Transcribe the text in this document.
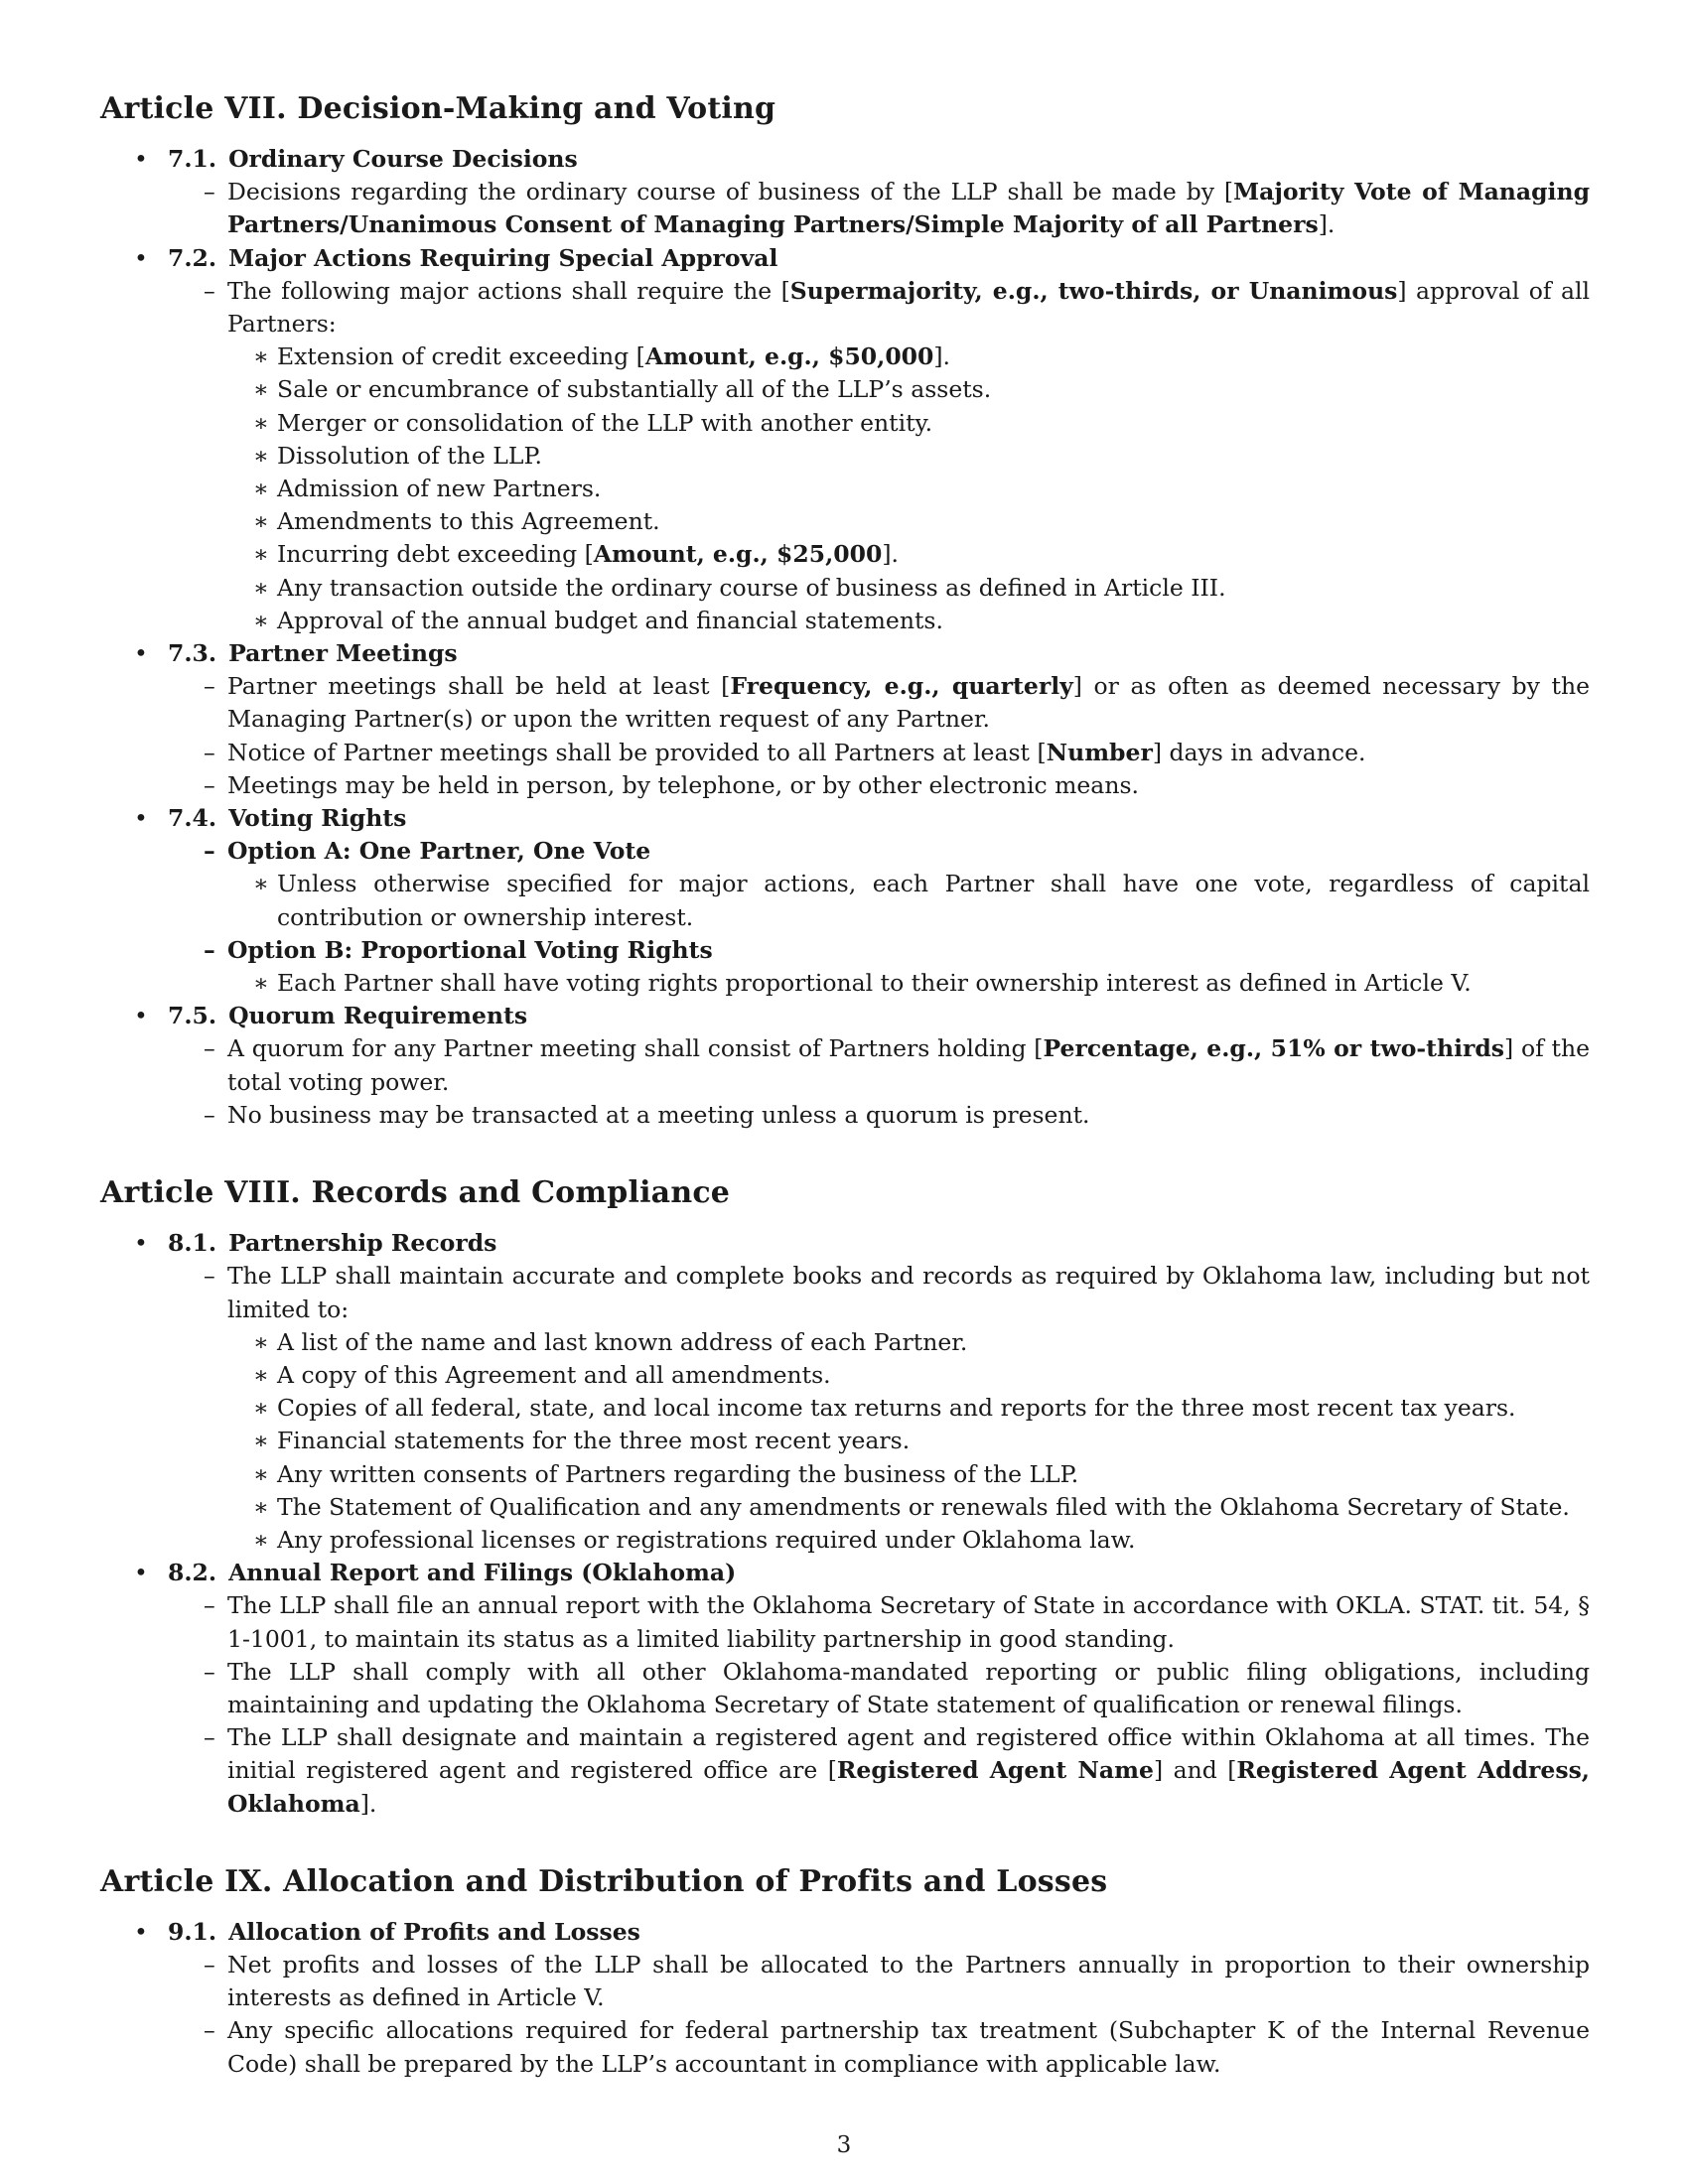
Article VII. Decision-Making and Voting
• 7.1. Ordinary Course Decisions
– Decisions regarding the ordinary course of business of the LLP shall be made by [Majority Vote of Managing Partners/Unanimous Consent of Managing Partners/Simple Majority of all Partners].
• 7.2. Major Actions Requiring Special Approval
– The following major actions shall require the [Supermajority, e.g., two-thirds, or Unanimous] approval of all Partners:
∗ Extension of credit exceeding [Amount, e.g., $50,000].
∗ Sale or encumbrance of substantially all of the LLP’s assets.
∗ Merger or consolidation of the LLP with another entity.
∗ Dissolution of the LLP.
∗ Admission of new Partners.
∗ Amendments to this Agreement.
∗ Incurring debt exceeding [Amount, e.g., $25,000].
∗ Any transaction outside the ordinary course of business as defined in Article III.
∗ Approval of the annual budget and financial statements.
• 7.3. Partner Meetings
– Partner meetings shall be held at least [Frequency, e.g., quarterly] or as often as deemed necessary by the Managing Partner(s) or upon the written request of any Partner.
– Notice of Partner meetings shall be provided to all Partners at least [Number] days in advance.
– Meetings may be held in person, by telephone, or by other electronic means.
• 7.4. Voting Rights
– Option A: One Partner, One Vote
∗ Unless otherwise specified for major actions, each Partner shall have one vote, regardless of capital contribution or ownership interest.
– Option B: Proportional Voting Rights
∗ Each Partner shall have voting rights proportional to their ownership interest as defined in Article V.
• 7.5. Quorum Requirements
– A quorum for any Partner meeting shall consist of Partners holding [Percentage, e.g., 51% or two-thirds] of the total voting power.
– No business may be transacted at a meeting unless a quorum is present.
Article VIII. Records and Compliance
• 8.1. Partnership Records
– The LLP shall maintain accurate and complete books and records as required by Oklahoma law, including but not limited to:
∗ A list of the name and last known address of each Partner.
∗ A copy of this Agreement and all amendments.
∗ Copies of all federal, state, and local income tax returns and reports for the three most recent tax years.
∗ Financial statements for the three most recent years.
∗ Any written consents of Partners regarding the business of the LLP.
∗ The Statement of Qualification and any amendments or renewals filed with the Oklahoma Secretary of State.
∗ Any professional licenses or registrations required under Oklahoma law.
• 8.2. Annual Report and Filings (Oklahoma)
– The LLP shall file an annual report with the Oklahoma Secretary of State in accordance with OKLA. STAT. tit. 54, § 1-1001, to maintain its status as a limited liability partnership in good standing.
– The LLP shall comply with all other Oklahoma-mandated reporting or public filing obligations, including maintaining and updating the Oklahoma Secretary of State statement of qualification or renewal filings.
– The LLP shall designate and maintain a registered agent and registered office within Oklahoma at all times. The initial registered agent and registered office are [Registered Agent Name] and [Registered Agent Address, Oklahoma].
Article IX. Allocation and Distribution of Profits and Losses
• 9.1. Allocation of Profits and Losses
– Net profits and losses of the LLP shall be allocated to the Partners annually in proportion to their ownership interests as defined in Article V.
– Any specific allocations required for federal partnership tax treatment (Subchapter K of the Internal Revenue Code) shall be prepared by the LLP’s accountant in compliance with applicable law.
3
